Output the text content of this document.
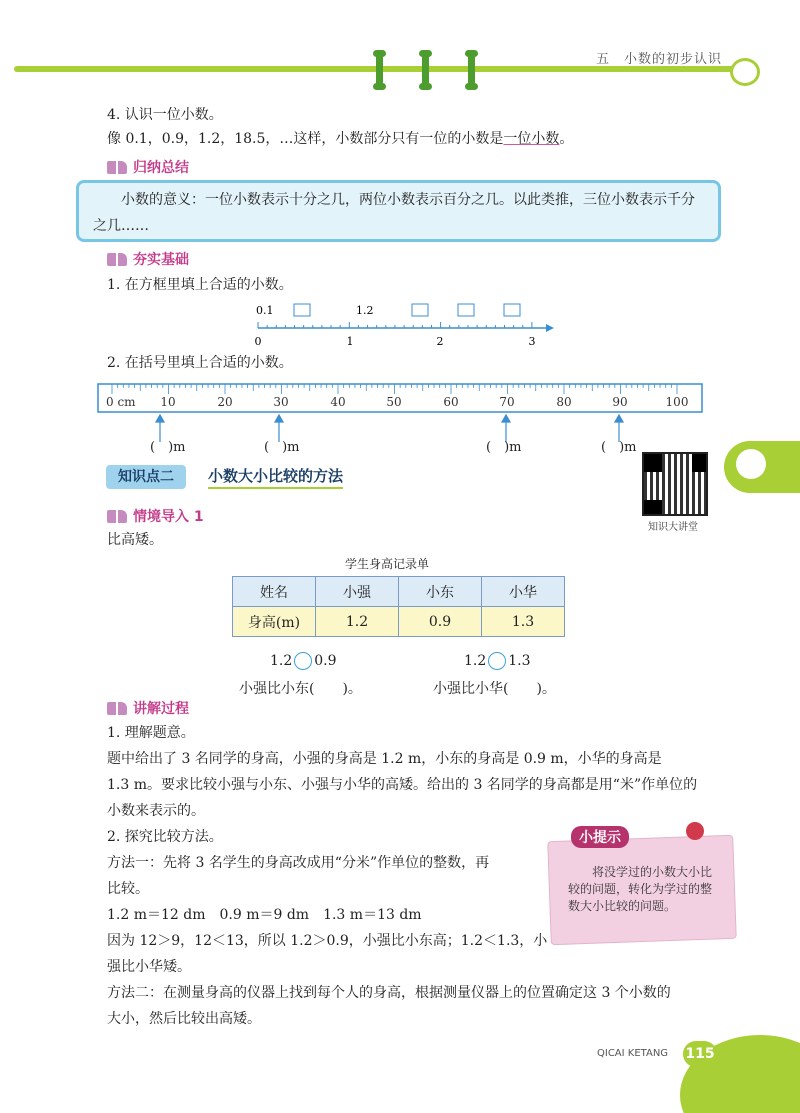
五　小数的初步认识
4. 认识一位小数。
像 0.1，0.9，1.2，18.5，…这样，小数部分只有一位的小数是一位小数。
归纳总结
小数的意义：一位小数表示十分之几，两位小数表示百分之几。以此类推，三位小数表示千分之几……
夯实基础
1. 在方框里填上合适的小数。
0.1	1.2
0	1	2	3
2. 在括号里填上合适的小数。
0 cm 10	20	30	40	50	60	70	80	90	100
(　)m	(　)m	(　)m	(　)m
知识点二	小数大小比较的方法
知识大讲堂
情境导入 1
比高矮。
学生身高记录单
姓名	小强	小东	小华
身高(m)	1.2	0.9	1.3
1.2 0.9
小强比小东(　　)。
1.2 1.3
小强比小华(　　)。
讲解过程
1. 理解题意。
题中给出了 3 名同学的身高，小强的身高是 1.2 m，小东的身高是 0.9 m，小华的身高是
1.3 m。要求比较小强与小东、小强与小华的高矮。给出的 3 名同学的身高都是用“米”作单位的
小数来表示的。
2. 探究比较方法。
方法一：先将 3 名学生的身高改成用“分米”作单位的整数，再
比较。
1.2 m＝12 dm　0.9 m＝9 dm　1.3 m＝13 dm
因为 12＞9，12＜13，所以 1.2＞0.9，小强比小东高；1.2＜1.3，小
强比小华矮。
方法二：在测量身高的仪器上找到每个人的身高，根据测量仪器上的位置确定这 3 个小数的
大小，然后比较出高矮。
小提示
将没学过的小数大小比较的问题，转化为学过的整数大小比较的问题。
QICAI KETANG 115
